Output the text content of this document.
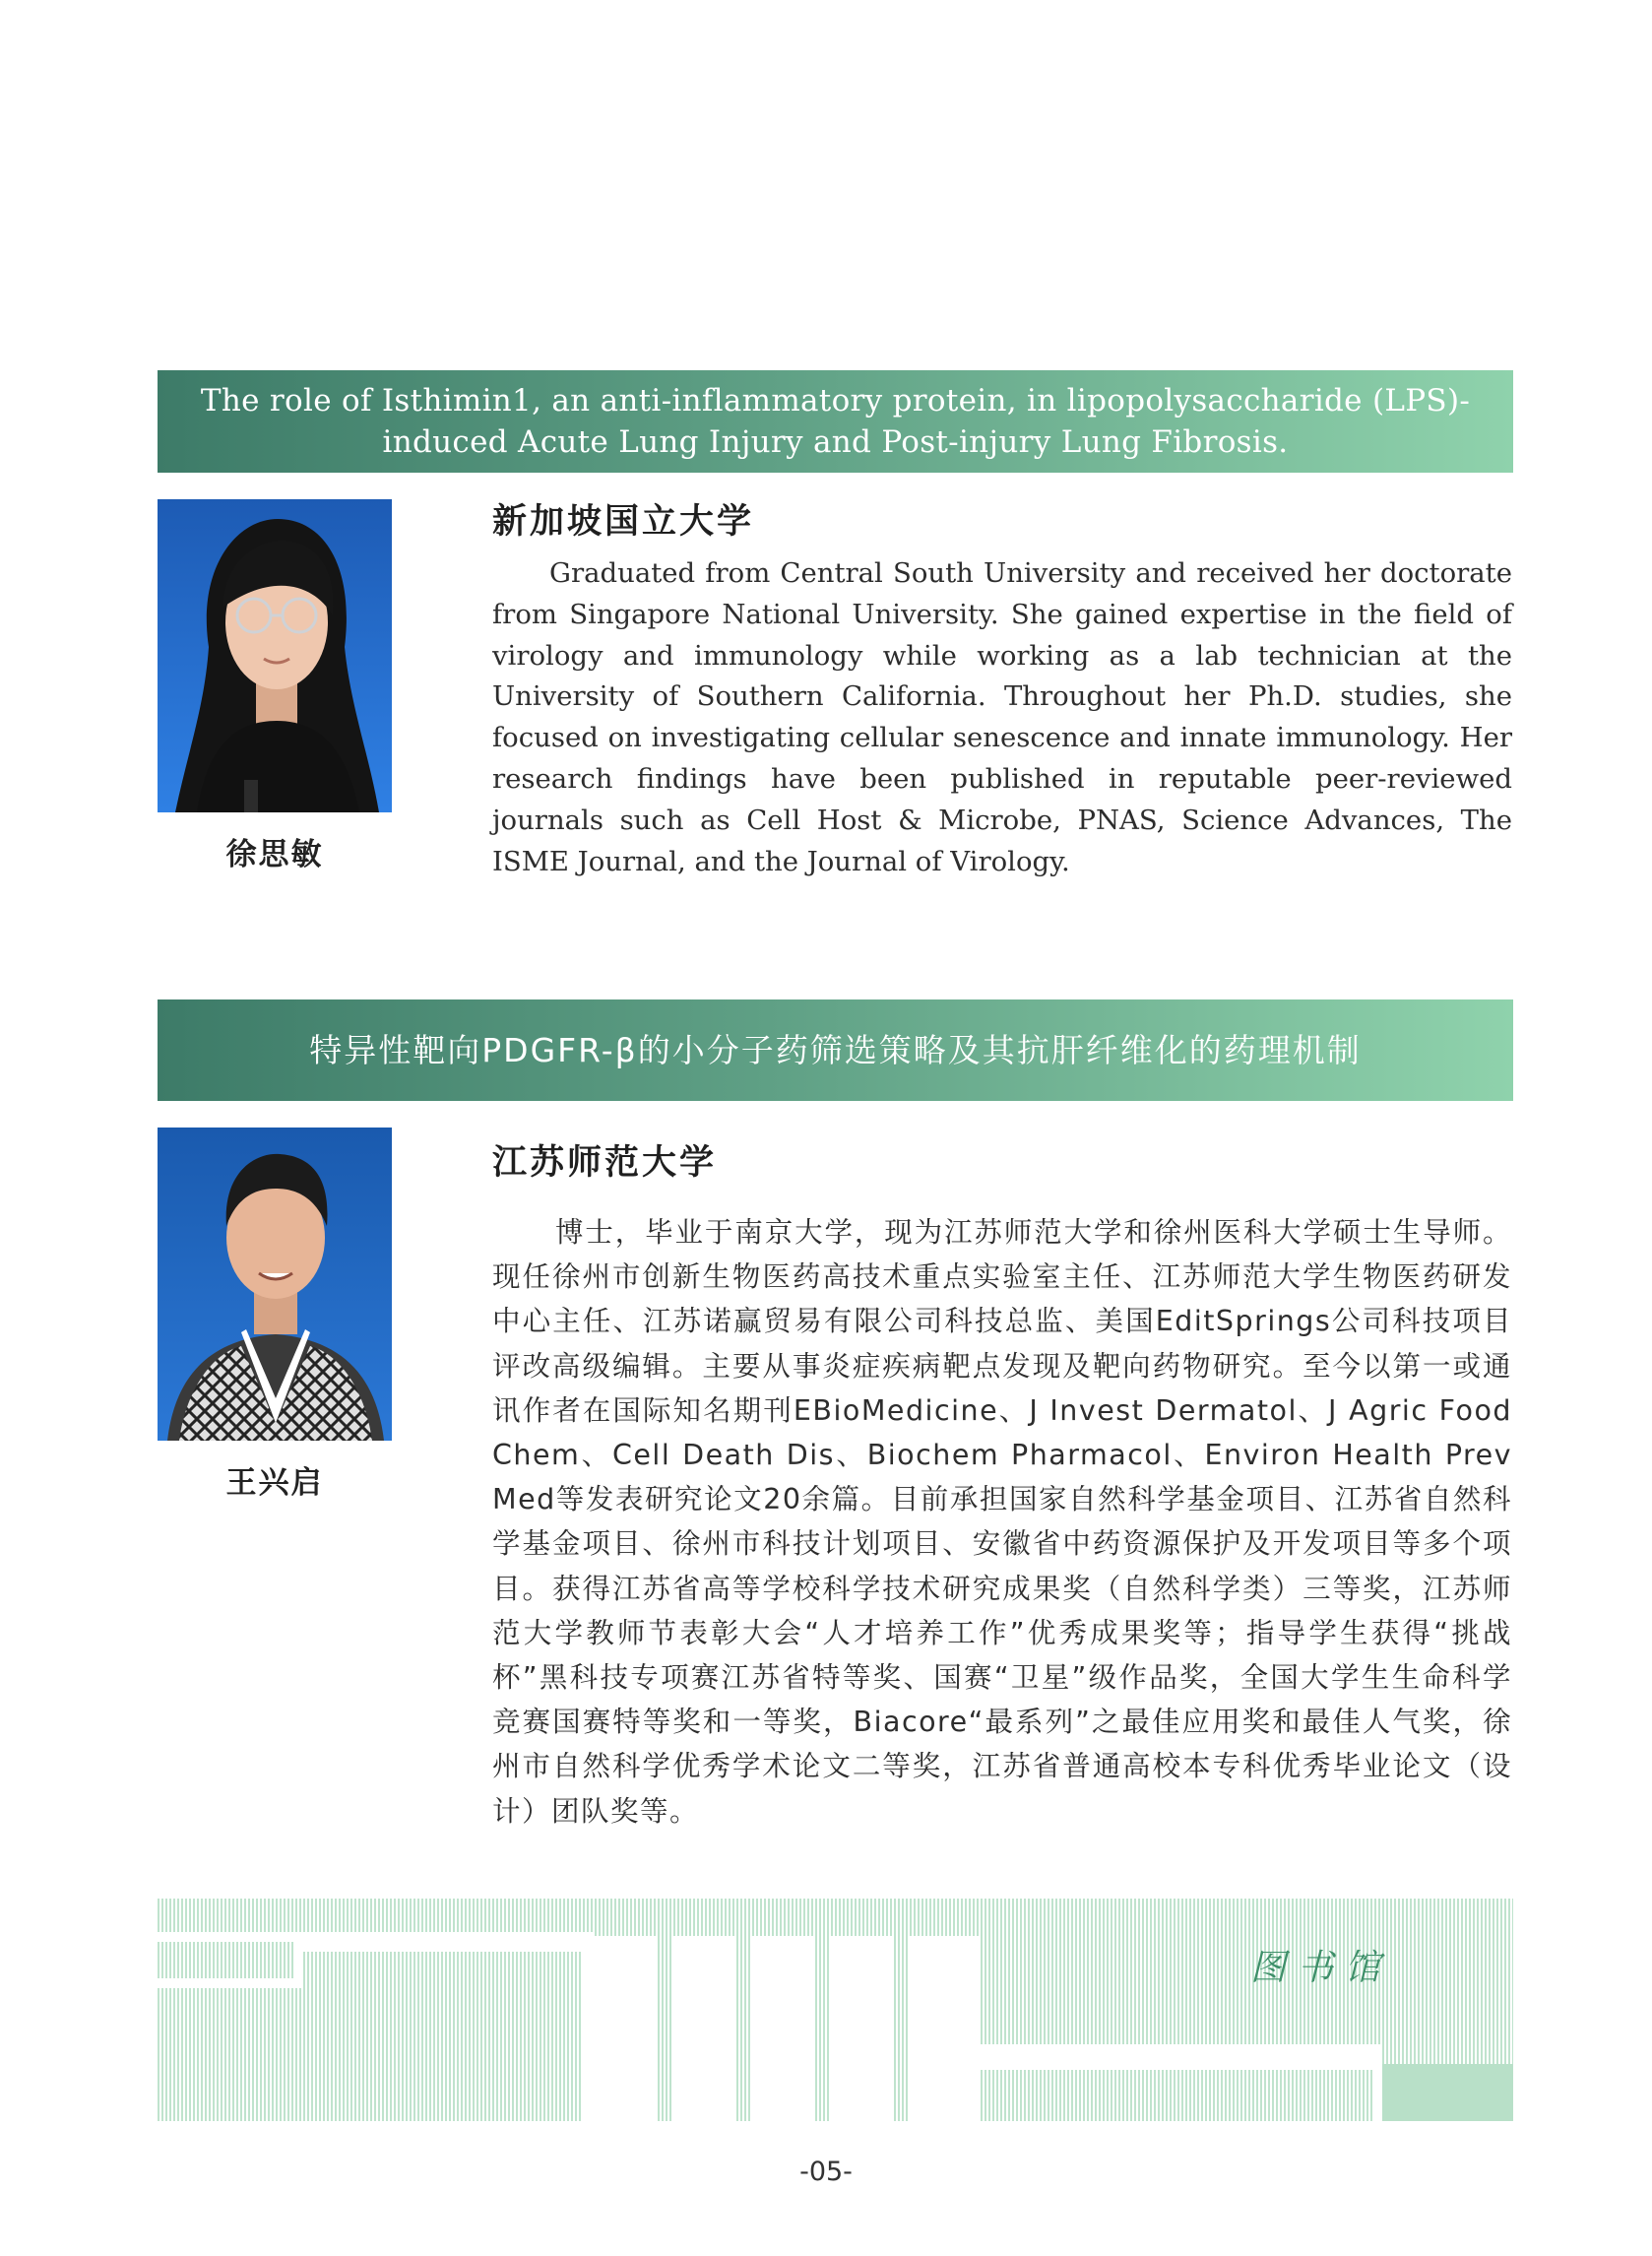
The role of Isthimin1, an anti-inflammatory protein, in lipopolysaccharide (LPS)-induced Acute Lung Injury and Post-injury Lung Fibrosis.
徐思敏
新加坡国立大学

Graduated from Central South University and received her doctorate from Singapore National University. She gained expertise in the field of virology and immunology while working as a lab technician at the University of Southern California. Throughout her Ph.D. studies, she focused on investigating cellular senescence and innate immunology. Her research findings have been published in reputable peer-reviewed journals such as Cell Host & Microbe, PNAS, Science Advances, The ISME Journal, and the Journal of Virology.

特异性靶向PDGFR-β的小分子药筛选策略及其抗肝纤维化的药理机制
王兴启
江苏师范大学

博士，毕业于南京大学，现为江苏师范大学和徐州医科大学硕士生导师。现任徐州市创新生物医药高技术重点实验室主任、江苏师范大学生物医药研发中心主任、江苏诺赢贸易有限公司科技总监、美国EditSprings公司科技项目评改高级编辑。主要从事炎症疾病靶点发现及靶向药物研究。至今以第一或通讯作者在国际知名期刊EBioMedicine、J Invest Dermatol、J Agric Food Chem、Cell Death Dis、Biochem Pharmacol、Environ Health Prev Med等发表研究论文20余篇。目前承担国家自然科学基金项目、江苏省自然科学基金项目、徐州市科技计划项目、安徽省中药资源保护及开发项目等多个项目。获得江苏省高等学校科学技术研究成果奖（自然科学类）三等奖，江苏师范大学教师节表彰大会“人才培养工作”优秀成果奖等；指导学生获得“挑战杯”黑科技专项赛江苏省特等奖、国赛“卫星”级作品奖，全国大学生生命科学竞赛国赛特等奖和一等奖，Biacore“最系列”之最佳应用奖和最佳人气奖，徐州市自然科学优秀学术论文二等奖，江苏省普通高校本专科优秀毕业论文（设计）团队奖等。

图书馆
-05-
